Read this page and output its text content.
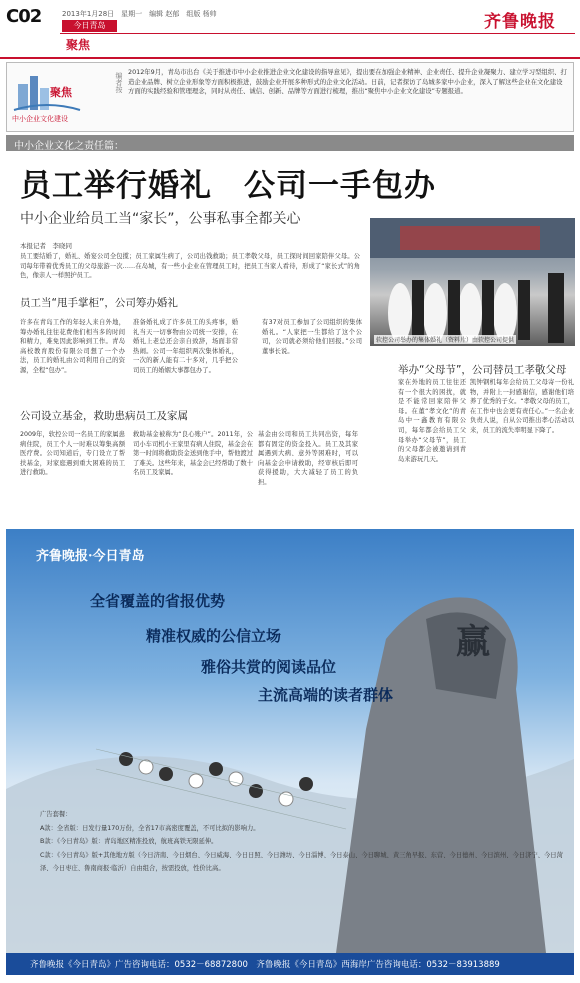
C02	2013年1月28日　星期一　编辑 赵郁　组版 杨帅
今日青岛
聚焦
齐鲁晚报
聚焦
中小企业文化建设
编者按 2012年9月，青岛市出台《关于推进市中小企业推进企业文化建设的指导意见》，提出要在加强企业精神、企业责任、提升企业凝聚力、建立学习型组织、打造企业品牌、树立企业形象等方面积极推进，鼓励企业开展多种形式的企业文化活动。日前，记者探访了岛城多家中小企业，深入了解这些企业在文化建设方面的实践经验和管理理念，同时从责任、诚信、创新、品牌等方面进行梳理，推出“聚焦中小企业文化建设”专题报道。
中小企业文化之责任篇：
员工举行婚礼　公司一手包办
中小企业给员工当“家长”，公事私事全都关心
本报记者　李晓同
软控公司举办的集体婚礼（资料片）由软控公司提供
员工要结婚了，婚礼、婚宴公司全包揽；员工家属生病了，公司出钱救助；员工孝敬父母，员工探时间回家陪伴父母。公司每年带着优秀员工的父母旅游一次……在岛城，有一些小企业在管理员工时，把员工当家人看待，形成了“家长式”的角色，像亲人一样照护员工。
员工当“甩手掌柜”，公司筹办婚礼
公司设立基金，救助患病员工及家属
举办“父母节”，公司替员工孝敬父母
许多在青岛工作的年轻人来自外地，筹办婚礼往往花费他们相当多的时间和精力，难免因此影响到工作。青岛高校教育股份有限公司想了一个办法，员工的婚礼由公司利用自己的资源，全程“包办”。
准备婚礼成了许多员工的头疼事，婚礼当天一切事物由公司统一安排，在婚礼上老总还会亲自致辞，场面非常热闹。公司一年组织两次集体婚礼，一次的新人能有二十多对，几乎把公司员工的婚姻大事都包办了。
有37对员工参加了公司组织的集体婚礼。“人家把一生都给了这个公司，公司就必须给他们回报。”公司董事长说。
2009年，软控公司一名员工的家属患病住院，员工个人一时难以筹集高额医疗费。公司知道后，专门设立了帮扶基金，对家庭遇到重大困难的员工进行救助。
救助基金被称为“良心账户”。2011年，公司小车司机小王家里有病人住院，基金会在第一时间将救助资金送到他手中，帮他渡过了难关。这些年来，基金会已经帮助了数十名员工及家属。
基金由公司和员工共同出资，每年都有固定的资金投入。员工及其家属遇到大病、意外等困难时，可以向基金会申请救助，经审核后即可获得援助，大大减轻了员工的负担。
家在外地的员工往往还有一个很大的困扰，就是不能常回家陪伴父母。在董“孝文化”的青岛中一鑫教育有限公司，每年都会给员工父母举办“父母节”，员工的父母都会被邀请到青岛来游玩几天。
凯钟钢机每年会给员工父母寄一份礼物，并附上一封感谢信，感谢他们培养了优秀的子女。“孝敬父母的员工，在工作中也会更有责任心。”一名企业负责人说，自从公司推出孝心活动以来，员工的流失率明显下降了。
赢
齐鲁晚报·今日青岛
全省覆盖的省报优势
精准权威的公信立场
雅俗共赏的阅读品位
主流高端的读者群体
广告套餐：
A款：全省版：日发行量170万份，全省17市高密度覆盖，不可比拟的影响力。
B款：《今日青岛》版：青岛地区精准投放，航班高铁无限延伸。
C款：《今日青岛》版+其他地方版（今日济南、今日烟台、今日威海、今日日照、今日潍坊、今日淄博、今日泰山、今日聊城、黄三角早报、东营、今日德州、今日滨州、今日济宁、今日菏泽、今日枣庄、鲁南商报·临沂）自由组合，按需投放，性价比高。
齐鲁晚报《今日青岛》广告咨询电话：0532－68872800　齐鲁晚报《今日青岛》西海岸广告咨询电话：0532－83913889
